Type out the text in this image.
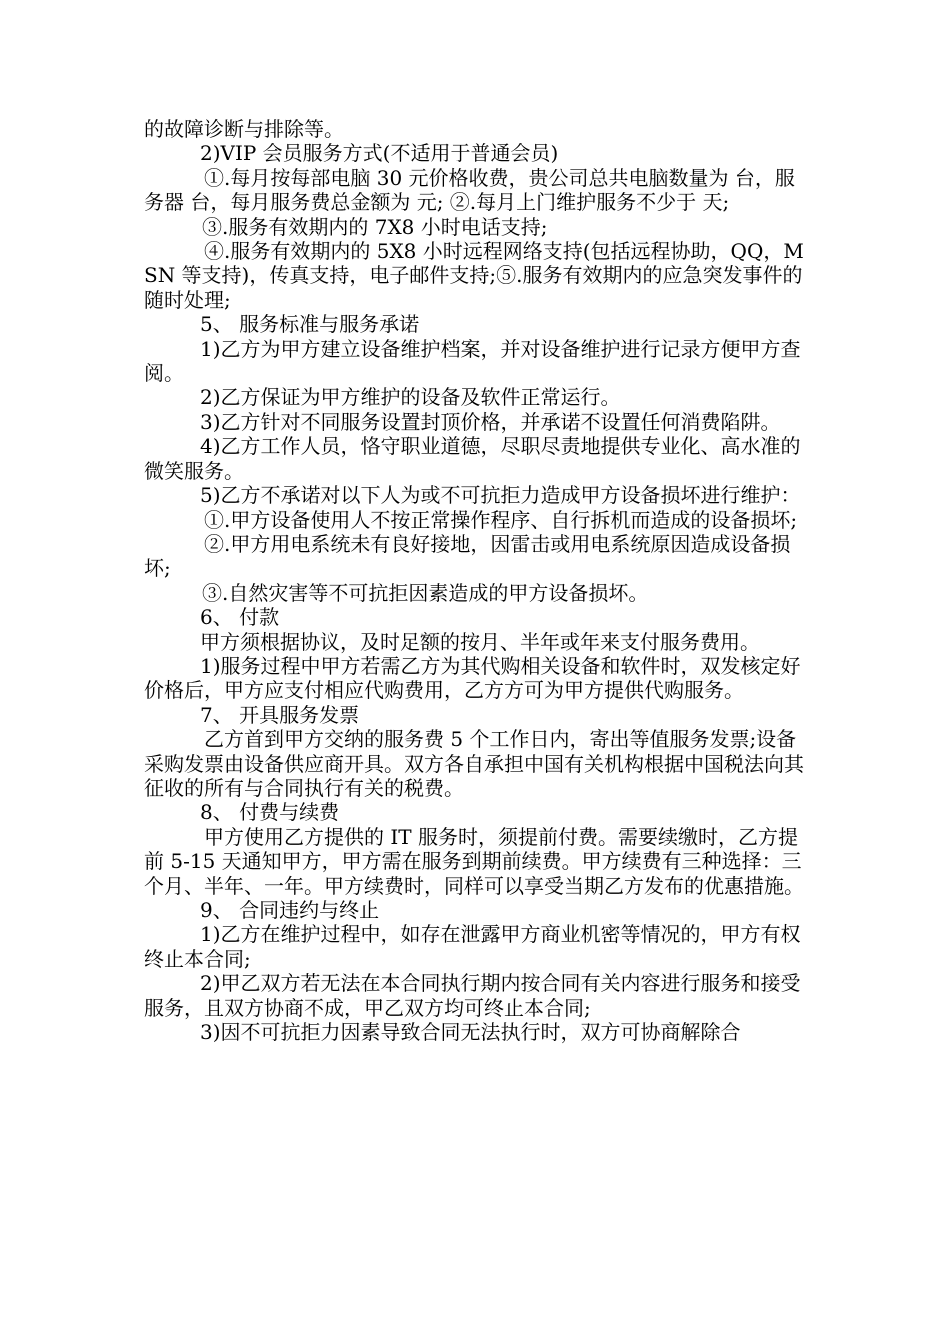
的故障诊断与排除等。

2)VIP 会员服务方式(不适用于普通会员)

①.每月按每部电脑 30 元价格收费，贵公司总共电脑数量为 台，服务器 台，每月服务费总金额为 元; ②.每月上门维护服务不少于 天;

③.服务有效期内的 7X8 小时电话支持;

④.服务有效期内的 5X8 小时远程网络支持(包括远程协助，QQ，MSN 等支持)，传真支持，电子邮件支持;⑤.服务有效期内的应急突发事件的随时处理;

5、 服务标准与服务承诺

1)乙方为甲方建立设备维护档案，并对设备维护进行记录方便甲方查阅。

2)乙方保证为甲方维护的设备及软件正常运行。

3)乙方针对不同服务设置封顶价格，并承诺不设置任何消费陷阱。

4)乙方工作人员，恪守职业道德，尽职尽责地提供专业化、高水准的微笑服务。

5)乙方不承诺对以下人为或不可抗拒力造成甲方设备损坏进行维护：

①.甲方设备使用人不按正常操作程序、自行拆机而造成的设备损坏;

②.甲方用电系统未有良好接地，因雷击或用电系统原因造成设备损坏;

③.自然灾害等不可抗拒因素造成的甲方设备损坏。

6、 付款

甲方须根据协议，及时足额的按月、半年或年来支付服务费用。

1)服务过程中甲方若需乙方为其代购相关设备和软件时，双发核定好价格后，甲方应支付相应代购费用，乙方方可为甲方提供代购服务。

7、 开具服务发票

乙方首到甲方交纳的服务费 5 个工作日内，寄出等值服务发票;设备采购发票由设备供应商开具。双方各自承担中国有关机构根据中国税法向其征收的所有与合同执行有关的税费。

8、 付费与续费

甲方使用乙方提供的 IT 服务时，须提前付费。需要续缴时，乙方提前 5-15 天通知甲方，甲方需在服务到期前续费。甲方续费有三种选择：三个月、半年、一年。甲方续费时，同样可以享受当期乙方发布的优惠措施。

9、 合同违约与终止

1)乙方在维护过程中，如存在泄露甲方商业机密等情况的，甲方有权终止本合同;

2)甲乙双方若无法在本合同执行期内按合同有关内容进行服务和接受服务，且双方协商不成，甲乙双方均可终止本合同;

3)因不可抗拒力因素导致合同无法执行时，双方可协商解除合
